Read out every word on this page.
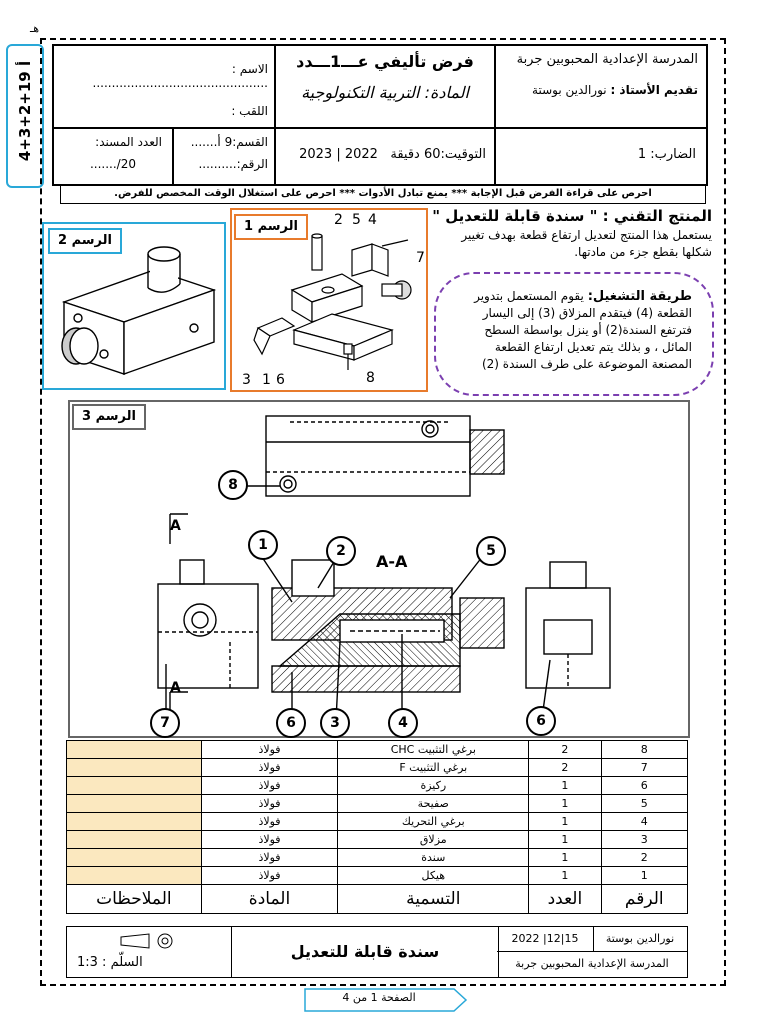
4+3+2+1أ 9
ﻫـ
المدرسة الإعدادية المحبوبين جربة
تقديم الأستاذ : نورالدين بوستة
فرض تأليفي عـــ1ـــدد
المادة: التربية التكنولوجية
الاسم : ..............................................
اللقب : ..............................................
الضارب: 1
التوقيت:60 دقيقة   2022 | 2023
القسم:9 أ.......
الرقم:..........
العدد المسند:
20/.......
احرص على قراءة الفرض قبل الإجابة *** يمنع تبادل الأدوات *** احرص على استغلال الوقت المخصص للفرض.
الرسم 2
الرسم 1	2 5 4
7
3 1 6	8
المنتج التقني : " سندة قابلة للتعديل "
يستعمل هذا المنتج لتعديل ارتفاع قطعة بهدف تغيير شكلها بقطع جزء من مادتها.
طريقة التشغيل: يقوم المستعمل بتدوير القطعة (4) فيتقدم المزلاق (3) إلى اليسار فترتفع السندة(2) أو ينزل بواسطة السطح المائل ، و بذلك يتم تعديل ارتفاع القطعة المصنعة الموضوعة على طرف السندة (2)
الرسم 3
A-A
A
A
8
1	2	5
7	6	3	4	6
8	2	برغي التثبيت CHC	فولاذ	
7	2	برغي التثبيت F	فولاذ	
6	1	ركيزة	فولاذ	
5	1	صفيحة	فولاذ	
4	1	برغي التحريك	فولاذ	
3	1	مزلاق	فولاذ	
2	1	سندة	فولاذ	
1	1	هيكل	فولاذ	
الرقم	العدد	التسمية	المادة	الملاحظات
السلّم : 1:3
سندة قابلة للتعديل
2022 |12|15	نورالدين بوستة
المدرسة الإعدادية المحبوبين جربة
الصفحة 1 من 4
